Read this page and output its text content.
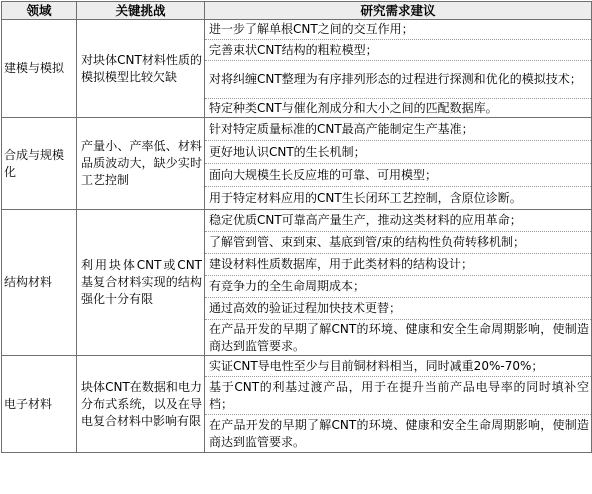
领域	关键挑战	研究需求建议
建模与模拟	对块体CNT材料性质的模拟模型比较欠缺	进一步了解单根CNT之间的交互作用；
		完善束状CNT结构的粗粒模型；
		对将纠缠CNT整理为有序排列形态的过程进行探测和优化的模拟技术；
		特定种类CNT与催化剂成分和大小之间的匹配数据库。

合成与规模化	产量小、产率低、材料品质波动大，缺少实时工艺控制	针对特定质量标准的CNT最高产能制定生产基准；
		更好地认识CNT的生长机制；
		面向大规模生长反应堆的可靠、可用模型；
		用于特定材料应用的CNT生长闭环工艺控制，含原位诊断。
结构材料	利用块体CNT或CNT基复合材料实现的结构强化十分有限	稳定优质CNT可靠高产量生产，推动这类材料的应用革命；
		了解管到管、束到束、基底到管/束的结构性负荷转移机制；
		建设材料性质数据库，用于此类材料的结构设计；
		有竞争力的全生命周期成本；
		通过高效的验证过程加快技术更替；
		在产品开发的早期了解CNT的环境、健康和安全生命周期影响，使制造商达到监管要求。
电子材料	块体CNT在数据和电力分布式系统，以及在导电复合材料中影响有限	实证CNT导电性至少与目前铜材料相当，同时减重20%-70%；
		基于CNT的利基过渡产品，用于在提升当前产品电导率的同时填补空档；
		在产品开发的早期了解CNT的环境、健康和安全生命周期影响，使制造商达到监管要求。
